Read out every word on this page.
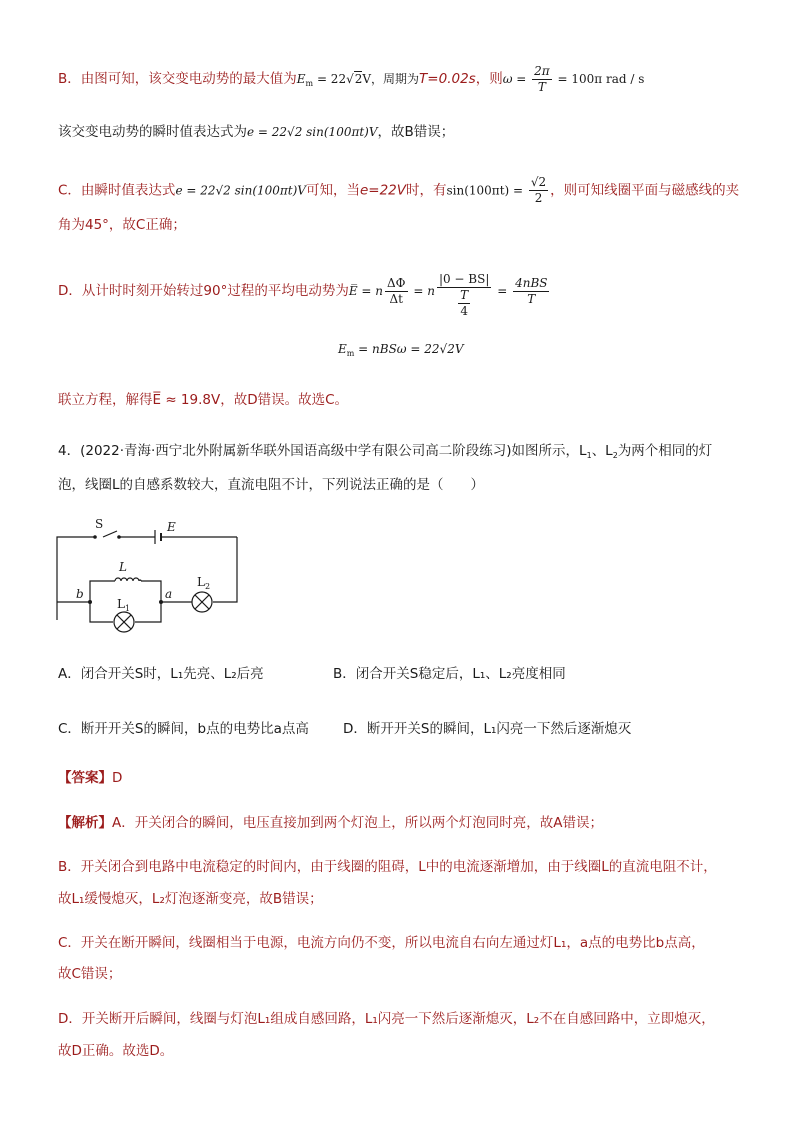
B．由图可知，该交变电动势的最大值为$E_m = 22√2V$，周期为T=0.02s，则$\omega = \frac{2\pi}{T} = 100\pi$ rad / s
该交变电动势的瞬时值表达式为e = 22√2 sin(100πt)V，故B错误；
C．由瞬时值表达式e = 22√2 sin(100πt)V可知，当e=22V时，有$\sin(100\pi t) = \frac{√2}{2}$ ，则可知线圈平面与磁感线的夹
角为45°，故C正确；
D．从计时时刻开始转过90°过程的平均电动势为E̅ = n $\frac{\Delta\Phi}{\Delta t} = n \frac{|0 - BS|}{\frac{T}{4}} = \frac{\text{4nBS}}{T}$
$E_m = nBS\omega = 22√2V$
联立方程，解得E̅ ≈ 19.8V，故D错误。故选C。
4．(2022·青海·西宁北外附属新华联外国语高级中学有限公司高二阶段练习)如图所示，$L_1$、$L_2$为两个相同的灯
泡，线圈L的自感系数较大，直流电阻不计，下列说法正确的是（　　）
S	E
L
b	a
L 1
L 2
A．闭合开关S时，L₁先亮、L₂后亮	B．闭合开关S稳定后，L₁、L₂亮度相同
C．断开开关S的瞬间，b点的电势比a点高	D．断开开关S的瞬间，L₁闪亮一下然后逐渐熄灭
【答案】D
【解析】A．开关闭合的瞬间，电压直接加到两个灯泡上，所以两个灯泡同时亮，故A错误；
B．开关闭合到电路中电流稳定的时间内，由于线圈的阻碍，L中的电流逐渐增加，由于线圈L的直流电阻不计，
故L₁缓慢熄灭，L₂灯泡逐渐变亮，故B错误；
C．开关在断开瞬间，线圈相当于电源，电流方向仍不变，所以电流自右向左通过灯L₁，a点的电势比b点高，
故C错误；
D．开关断开后瞬间，线圈与灯泡L₁组成自感回路，L₁闪亮一下然后逐渐熄灭，L₂不在自感回路中，立即熄灭，
故D正确。故选D。
